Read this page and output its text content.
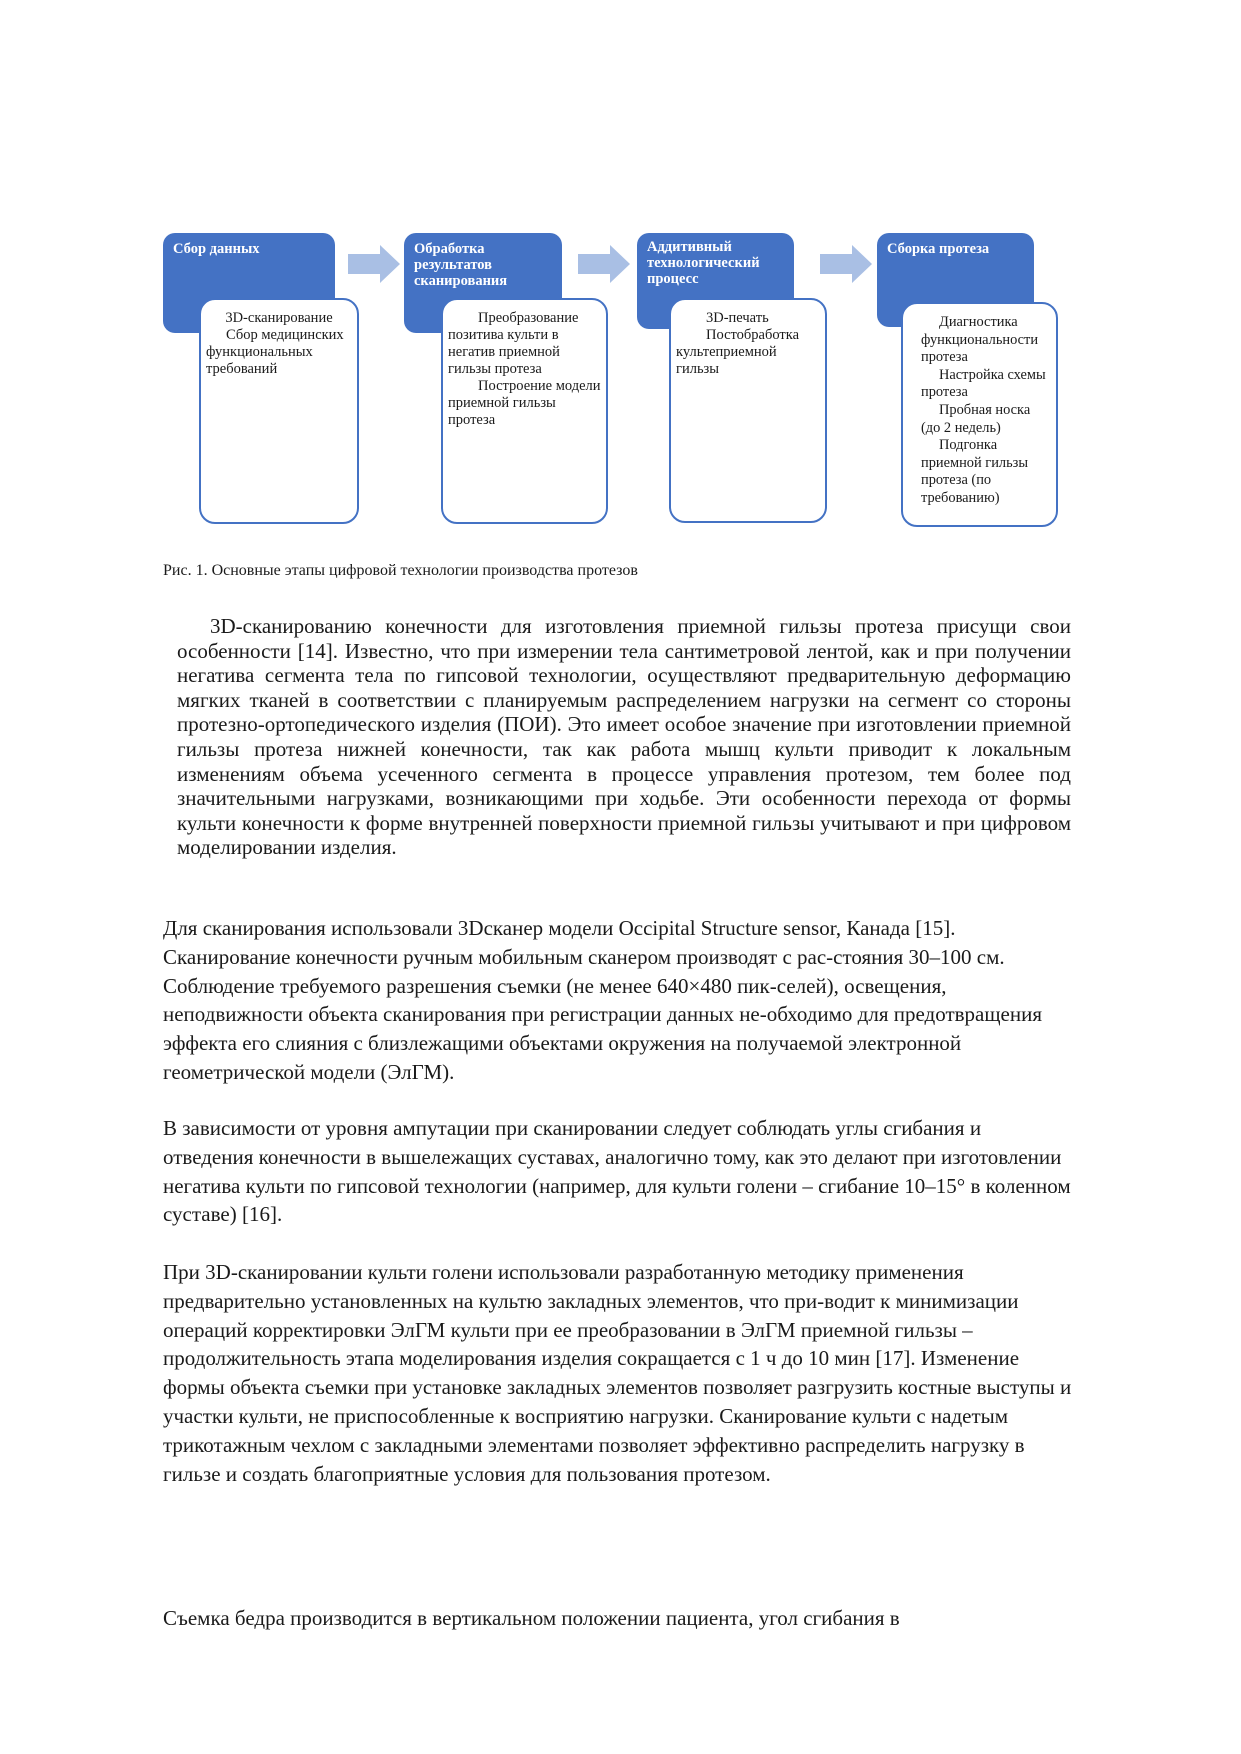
Сбор данных

3D-сканирование

Сбор медицинских функциональных требований

Обработка результатов сканирования

Преобразование позитива культи в негатив приемной гильзы протеза

Построение модели приемной гильзы протеза

Аддитивный технологический процесс

3D-печать

Постобработка культеприемной гильзы

Сборка протеза

Диагностика функциональности протеза

Настройка схемы протеза

Пробная носка (до 2 недель)

Подгонка приемной гильзы протеза (по требованию)

Рис. 1. Основные этапы цифровой технологии производства протезов

3D-сканированию конечности для изготовления приемной гильзы протеза присущи свои особенности [14]. Известно, что при измерении тела сантиметровой лентой, как и при получении негатива сегмента тела по гипсовой технологии, осуществляют предварительную деформацию мягких тканей в соответствии с планируемым распределением нагрузки на сегмент со стороны протезно-ортопедического изделия (ПОИ). Это имеет особое значение при изготовлении приемной гильзы протеза нижней конечности, так как работа мышц культи приводит к локальным изменениям объема усеченного сегмента в процессе управления протезом, тем более под значительными нагрузками, возникающими при ходьбе. Эти особенности перехода от формы культи конечности к форме внутренней поверхности приемной гильзы учитывают и при цифровом моделировании изделия.

Для сканирования использовали 3Dсканер модели Occipital Structure sensor, Канада [15]. Сканирование конечности ручным мобильным сканером производят с рас-стояния 30–100 см. Соблюдение требуемого разрешения съемки (не менее 640×480 пик-селей), освещения, неподвижности объекта сканирования при регистрации данных не-обходимо для предотвращения эффекта его слияния с близлежащими объектами окружения на получаемой электронной геометрической модели (ЭлГМ).

В зависимости от уровня ампутации при сканировании следует соблюдать углы сгибания и отведения конечности в вышележащих суставах, аналогично тому, как это делают при изготовлении негатива культи по гипсовой технологии (например, для культи голени – сгибание 10–15° в коленном суставе) [16].

При 3D-сканировании культи голени использовали разработанную методику применения предварительно установленных на культю закладных элементов, что при-водит к минимизации операций корректировки ЭлГМ культи при ее преобразовании в ЭлГМ приемной гильзы – продолжительность этапа моделирования изделия сокращается с 1 ч до 10 мин [17]. Изменение формы объекта съемки при установке закладных элементов позволяет разгрузить костные выступы и участки культи, не приспособленные к восприятию нагрузки. Сканирование культи с надетым трикотажным чехлом с закладными элементами позволяет эффективно распределить нагрузку в гильзе и создать благоприятные условия для пользования протезом.

Съемка бедра производится в вертикальном положении пациента, угол сгибания в
